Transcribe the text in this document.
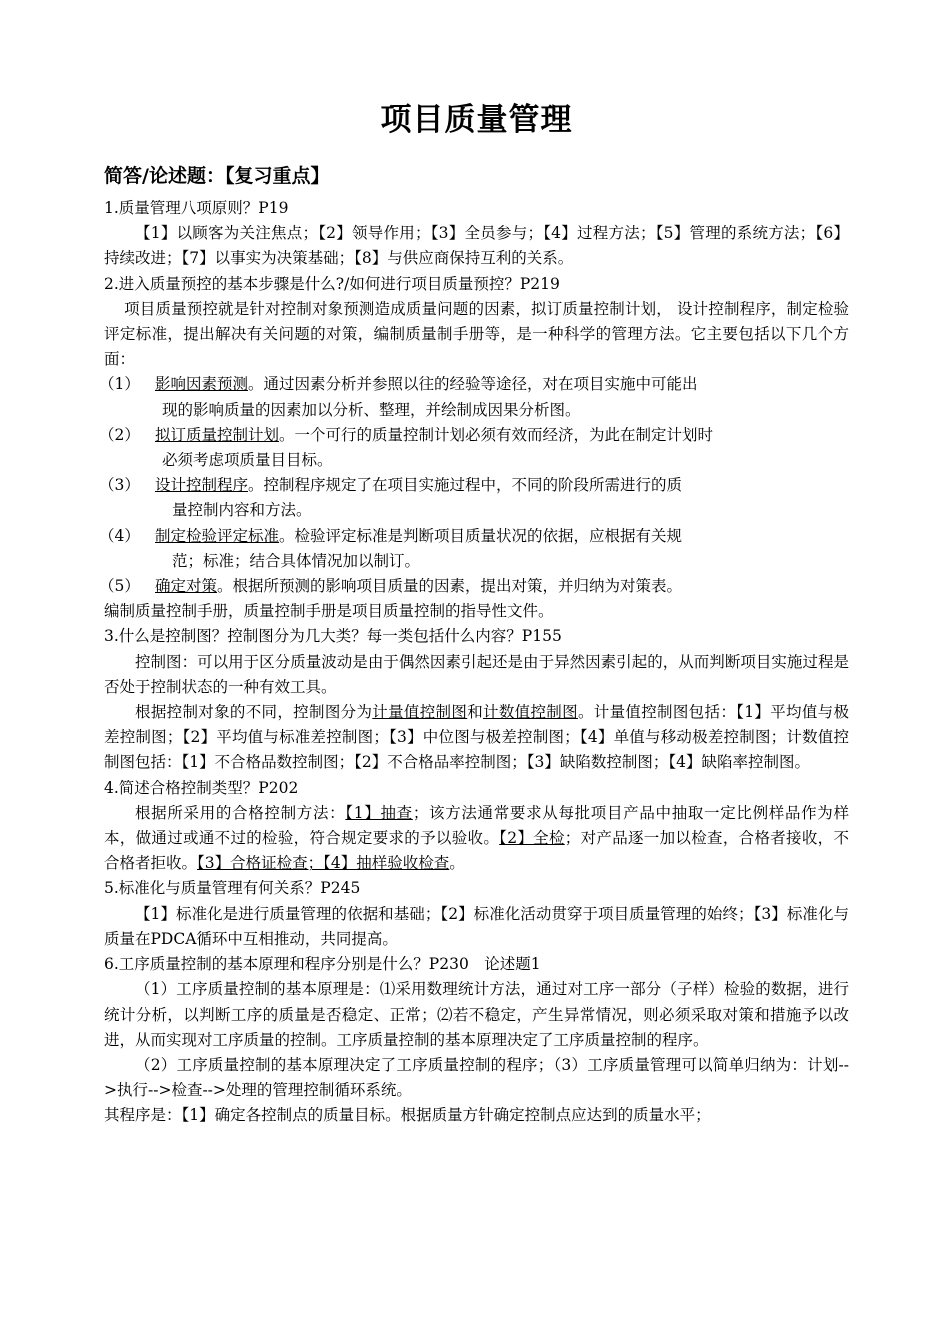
项目质量管理
简答/论述题：【复习重点】

1.质量管理八项原则？P19

【1】以顾客为关注焦点；【2】领导作用；【3】全员参与；【4】过程方法；【5】管理的系统方法；【6】持续改进；【7】以事实为决策基础；【8】与供应商保持互利的关系。

2.进入质量预控的基本步骤是什么?/如何进行项目质量预控？P219

项目质量预控就是针对控制对象预测造成质量问题的因素，拟订质量控制计划， 设计控制程序，制定检验评定标准，提出解决有关问题的对策，编制质量制手册等，是一种科学的管理方法。它主要包括以下几个方面：

（1） 影响因素预测。通过因素分析并参照以往的经验等途径，对在项目实施中可能出
现的影响质量的因素加以分析、整理，并绘制成因果分析图。
（2） 拟订质量控制计划。一个可行的质量控制计划必须有效而经济，为此在制定计划时
必须考虑项质量目目标。
（3） 设计控制程序。控制程序规定了在项目实施过程中，不同的阶段所需进行的质
量控制内容和方法。
（4） 制定检验评定标准。检验评定标准是判断项目质量状况的依据，应根据有关规
范；标准；结合具体情况加以制订。
（5） 确定对策。根据所预测的影响项目质量的因素，提出对策，并归纳为对策表。

编制质量控制手册，质量控制手册是项目质量控制的指导性文件。

3.什么是控制图？控制图分为几大类？每一类包括什么内容？P155

控制图：可以用于区分质量波动是由于偶然因素引起还是由于异然因素引起的，从而判断项目实施过程是否处于控制状态的一种有效工具。

根据控制对象的不同，控制图分为计量值控制图和计数值控制图。计量值控制图包括：【1】平均值与极差控制图；【2】平均值与标准差控制图；【3】中位图与极差控制图；【4】单值与移动极差控制图；计数值控制图包括：【1】不合格品数控制图；【2】不合格品率控制图；【3】缺陷数控制图；【4】缺陷率控制图。

4.简述合格控制类型？P202

根据所采用的合格控制方法：【1】抽查；该方法通常要求从每批项目产品中抽取一定比例样品作为样本，做通过或通不过的检验，符合规定要求的予以验收。【2】全检；对产品逐一加以检查，合格者接收，不合格者拒收。【3】合格证检查；【4】抽样验收检查。

5.标准化与质量管理有何关系？P245

【1】标准化是进行质量管理的依据和基础；【2】标准化活动贯穿于项目质量管理的始终；【3】标准化与质量在PDCA循环中互相推动，共同提高。

6.工序质量控制的基本原理和程序分别是什么？P230　论述题1

（1）工序质量控制的基本原理是：⑴采用数理统计方法，通过对工序一部分（子样）检验的数据，进行统计分析，以判断工序的质量是否稳定、正常；⑵若不稳定，产生异常情况，则必须采取对策和措施予以改进，从而实现对工序质量的控制。工序质量控制的基本原理决定了工序质量控制的程序。

（2）工序质量控制的基本原理决定了工序质量控制的程序；（3）工序质量管理可以简单归纳为：计划-->执行-->检查-->处理的管理控制循环系统。

其程序是：【1】确定各控制点的质量目标。根据质量方针确定控制点应达到的质量水平；
